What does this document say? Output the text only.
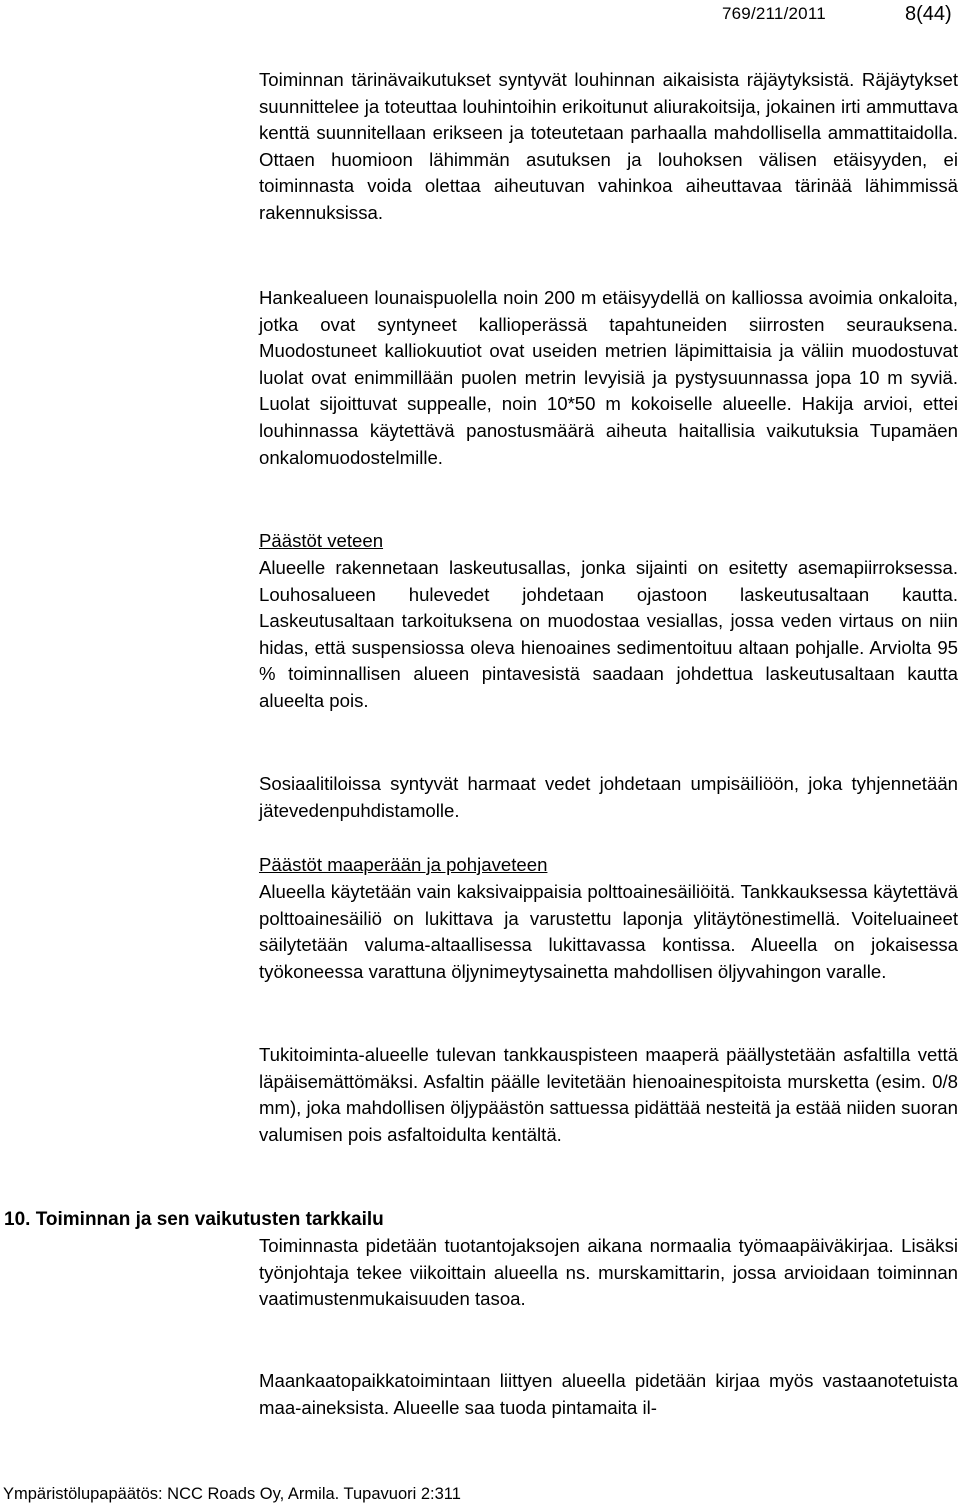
769/211/2011	8(44)
Toiminnan tärinävaikutukset syntyvät louhinnan aikaisista räjäytyksistä. Räjäytykset suunnittelee ja toteuttaa louhintoihin erikoitunut aliurakoitsija, jokainen irti ammuttava kenttä suunnitellaan erikseen ja toteutetaan parhaalla mahdollisella ammattitaidolla. Ottaen huomioon lähimmän asutuksen ja louhoksen välisen etäisyyden, ei toiminnasta voida olettaa aiheutuvan vahinkoa aiheuttavaa tärinää lähimmissä rakennuksissa.
Hankealueen lounaispuolella noin 200 m etäisyydellä on kalliossa avoimia onkaloita, jotka ovat syntyneet kallioperässä tapahtuneiden siirrosten seurauksena. Muodostuneet kalliokuutiot ovat useiden metrien läpimittaisia ja väliin muodostuvat luolat ovat enimmillään puolen metrin levyisiä ja pystysuunnassa jopa 10 m syviä. Luolat sijoittuvat suppealle, noin 10*50 m kokoiselle alueelle. Hakija arvioi, ettei louhinnassa käytettävä panostusmäärä aiheuta haitallisia vaikutuksia Tupamäen onkalomuodostelmille.
Päästöt veteen
Alueelle rakennetaan laskeutusallas, jonka sijainti on esitetty asemapiirroksessa. Louhosalueen hulevedet johdetaan ojastoon laskeutusaltaan kautta. Laskeutusaltaan tarkoituksena on muodostaa vesiallas, jossa veden virtaus on niin hidas, että suspensiossa oleva hienoaines sedimentoituu altaan pohjalle. Arviolta 95 % toiminnallisen alueen pintavesistä saadaan johdettua laskeutusaltaan kautta alueelta pois.
Sosiaalitiloissa syntyvät harmaat vedet johdetaan umpisäiliöön, joka tyhjennetään jätevedenpuhdistamolle.
Päästöt maaperään ja pohjaveteen
Alueella käytetään vain kaksivaippaisia polttoainesäiliöitä. Tankkauksessa käytettävä polttoainesäiliö on lukittava ja varustettu laponja ylitäytönestimellä. Voiteluaineet säilytetään valuma-altaallisessa lukittavassa kontissa. Alueella on jokaisessa työkoneessa varattuna öljynimeytysainetta mahdollisen öljyvahingon varalle.
Tukitoiminta-alueelle tulevan tankkauspisteen maaperä päällystetään asfaltilla vettä läpäisemättömäksi. Asfaltin päälle levitetään hienoainespitoista mursketta (esim. 0/8 mm), joka mahdollisen öljypäästön sattuessa pidättää nesteitä ja estää niiden suoran valumisen pois asfaltoidulta kentältä.
10. Toiminnan ja sen vaikutusten tarkkailu
Toiminnasta pidetään tuotantojaksojen aikana normaalia työmaapäiväkirjaa. Lisäksi työnjohtaja tekee viikoittain alueella ns. murskamittarin, jossa arvioidaan toiminnan vaatimustenmukaisuuden tasoa.
Maankaatopaikkatoimintaan liittyen alueella pidetään kirjaa myös vastaanotetuista maa-aineksista. Alueelle saa tuoda pintamaita il-
Ympäristölupapäätös: NCC Roads Oy, Armila. Tupavuori 2:311
